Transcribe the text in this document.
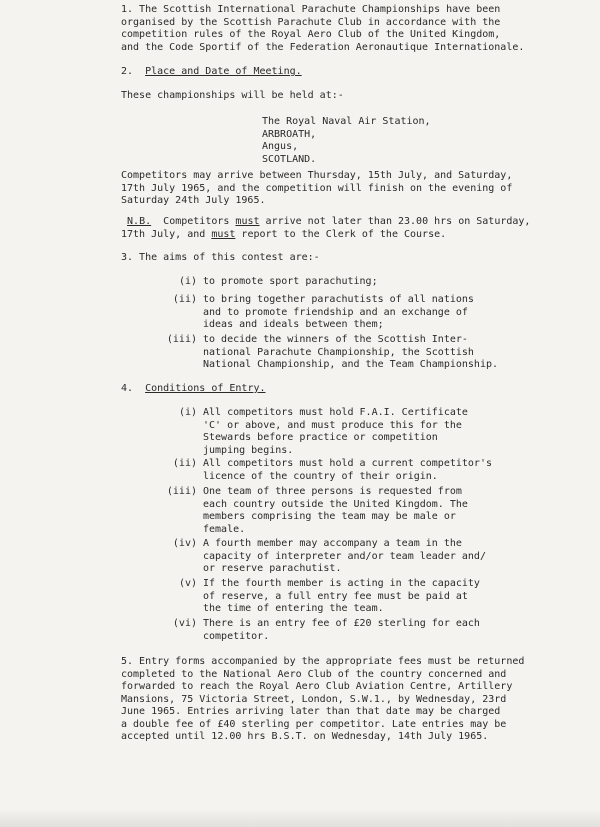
1. The Scottish International Parachute Championships have been
organised by the Scottish Parachute Club in accordance with the
competition rules of the Royal Aero Club of the United Kingdom,
and the Code Sportif of the Federation Aeronautique Internationale.
2. Place and Date of Meeting.
These championships will be held at:-
The Royal Naval Air Station,
ARBROATH,
Angus,
SCOTLAND.
Competitors may arrive between Thursday, 15th July, and Saturday,
17th July 1965, and the competition will finish on the evening of
Saturday 24th July 1965.
N.B. Competitors must arrive not later than 23.00 hrs on Saturday,
17th July, and must report to the Clerk of the Course.
3. The aims of this contest are:-
(i) to promote sport parachuting;
(ii) to bring together parachutists of all nations
and to promote friendship and an exchange of
ideas and ideals between them;
(iii) to decide the winners of the Scottish Inter-
national Parachute Championship, the Scottish
National Championship, and the Team Championship.
4. Conditions of Entry.
(i) All competitors must hold F.A.I. Certificate
'C' or above, and must produce this for the
Stewards before practice or competition
jumping begins.
(ii) All competitors must hold a current competitor's
licence of the country of their origin.
(iii) One team of three persons is requested from
each country outside the United Kingdom. The
members comprising the team may be male or
female.
(iv) A fourth member may accompany a team in the
capacity of interpreter and/or team leader and/
or reserve parachutist.
(v) If the fourth member is acting in the capacity
of reserve, a full entry fee must be paid at
the time of entering the team.
(vi) There is an entry fee of £20 sterling for each
competitor.
5. Entry forms accompanied by the appropriate fees must be returned
completed to the National Aero Club of the country concerned and
forwarded to reach the Royal Aero Club Aviation Centre, Artillery
Mansions, 75 Victoria Street, London, S.W.1., by Wednesday, 23rd
June 1965. Entries arriving later than that date may be charged
a double fee of £40 sterling per competitor. Late entries may be
accepted until 12.00 hrs B.S.T. on Wednesday, 14th July 1965.
